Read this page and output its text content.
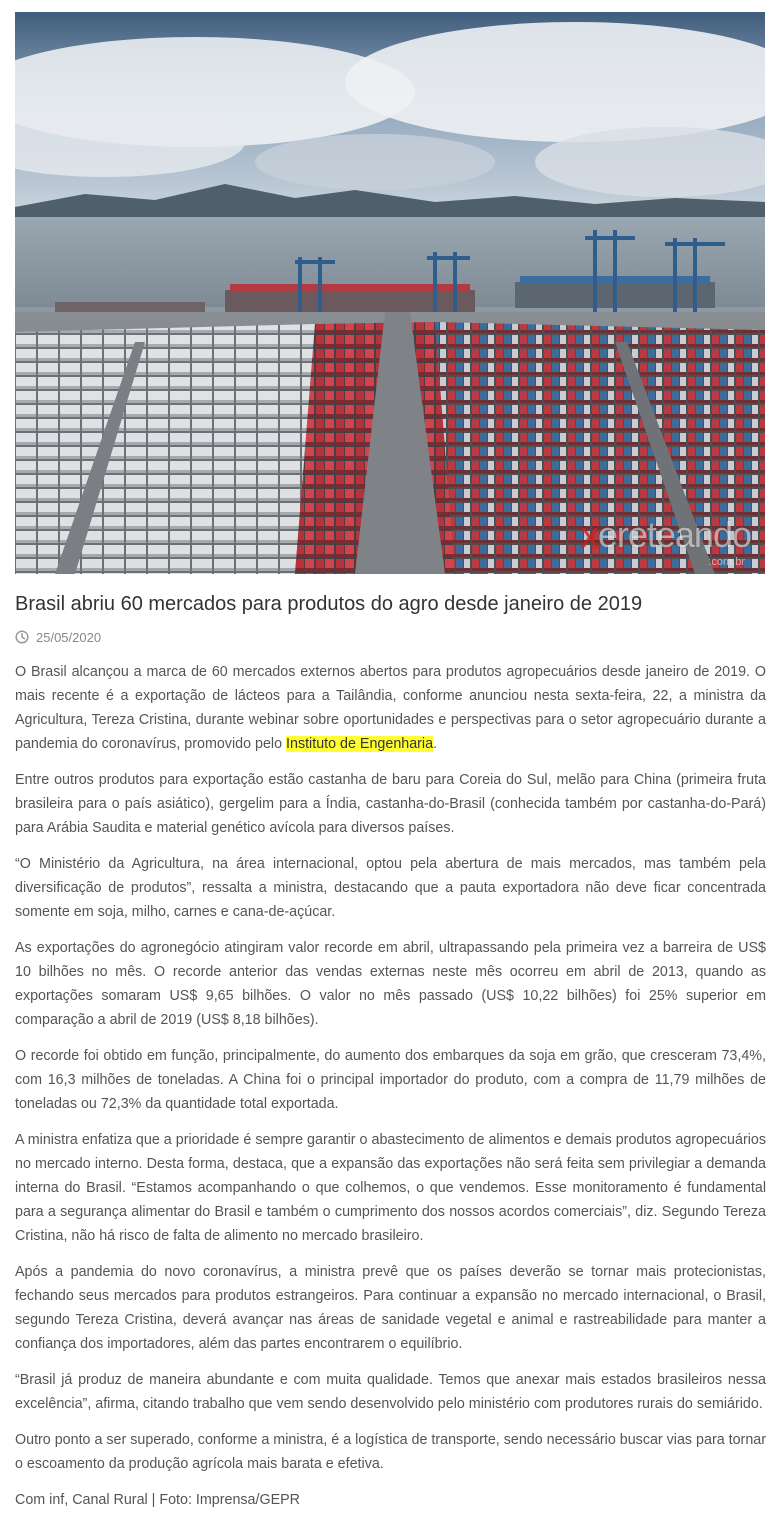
xereteando
.com.br
Brasil abriu 60 mercados para produtos do agro desde janeiro de 2019
25/05/2020

O Brasil alcançou a marca de 60 mercados externos abertos para produtos agropecuários desde janeiro de 2019. O mais recente é a exportação de lácteos para a Tailândia, conforme anunciou nesta sexta-feira, 22, a ministra da Agricultura, Tereza Cristina, durante webinar sobre oportunidades e perspectivas para o setor agropecuário durante a pandemia do coronavírus, promovido pelo Instituto de Engenharia.

Entre outros produtos para exportação estão castanha de baru para Coreia do Sul, melão para China (primeira fruta brasileira para o país asiático), gergelim para a Índia, castanha-do-Brasil (conhecida também por castanha-do-Pará) para Arábia Saudita e material genético avícola para diversos países.

“O Ministério da Agricultura, na área internacional, optou pela abertura de mais mercados, mas também pela diversificação de produtos”, ressalta a ministra, destacando que a pauta exportadora não deve ficar concentrada somente em soja, milho, carnes e cana-de-açúcar.

As exportações do agronegócio atingiram valor recorde em abril, ultrapassando pela primeira vez a barreira de US$ 10 bilhões no mês. O recorde anterior das vendas externas neste mês ocorreu em abril de 2013, quando as exportações somaram US$ 9,65 bilhões. O valor no mês passado (US$ 10,22 bilhões) foi 25% superior em comparação a abril de 2019 (US$ 8,18 bilhões).

O recorde foi obtido em função, principalmente, do aumento dos embarques da soja em grão, que cresceram 73,4%, com 16,3 milhões de toneladas. A China foi o principal importador do produto, com a compra de 11,79 milhões de toneladas ou 72,3% da quantidade total exportada.

A ministra enfatiza que a prioridade é sempre garantir o abastecimento de alimentos e demais produtos agropecuários no mercado interno. Desta forma, destaca, que a expansão das exportações não será feita sem privilegiar a demanda interna do Brasil. “Estamos acompanhando o que colhemos, o que vendemos. Esse monitoramento é fundamental para a segurança alimentar do Brasil e também o cumprimento dos nossos acordos comerciais”, diz. Segundo Tereza Cristina, não há risco de falta de alimento no mercado brasileiro.

Após a pandemia do novo coronavírus, a ministra prevê que os países deverão se tornar mais protecionistas, fechando seus mercados para produtos estrangeiros. Para continuar a expansão no mercado internacional, o Brasil, segundo Tereza Cristina, deverá avançar nas áreas de sanidade vegetal e animal e rastreabilidade para manter a confiança dos importadores, além das partes encontrarem o equilíbrio.

“Brasil já produz de maneira abundante e com muita qualidade. Temos que anexar mais estados brasileiros nessa excelência”, afirma, citando trabalho que vem sendo desenvolvido pelo ministério com produtores rurais do semiárido.

Outro ponto a ser superado, conforme a ministra, é a logística de transporte, sendo necessário buscar vias para tornar o escoamento da produção agrícola mais barata e efetiva.

Com inf, Canal Rural | Foto: Imprensa/GEPR
